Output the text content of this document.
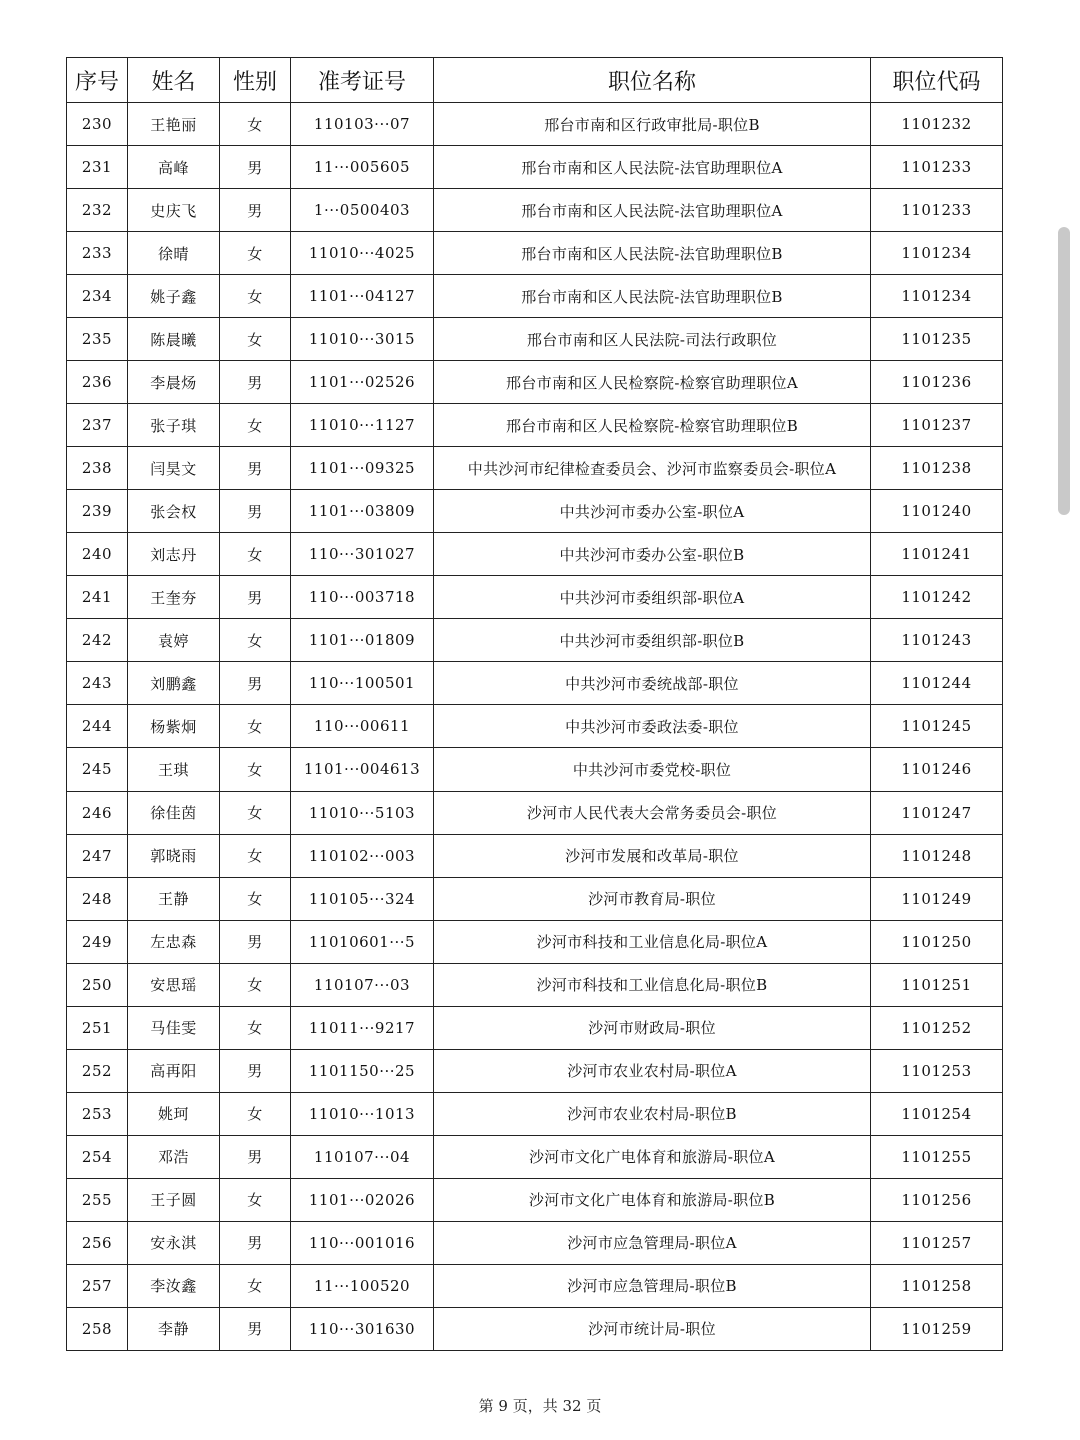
序号	姓名	性别	准考证号	职位名称	职位代码
230	王艳丽	女	110103···07	邢台市南和区行政审批局-职位B	1101232
231	高峰	男	11···005605	邢台市南和区人民法院-法官助理职位A	1101233
232	史庆飞	男	1···0500403	邢台市南和区人民法院-法官助理职位A	1101233
233	徐晴	女	11010···4025	邢台市南和区人民法院-法官助理职位B	1101234
234	姚子鑫	女	1101···04127	邢台市南和区人民法院-法官助理职位B	1101234
235	陈晨曦	女	11010···3015	邢台市南和区人民法院-司法行政职位	1101235
236	李晨炀	男	1101···02526	邢台市南和区人民检察院-检察官助理职位A	1101236
237	张子琪	女	11010···1127	邢台市南和区人民检察院-检察官助理职位B	1101237
238	闫昊文	男	1101···09325	中共沙河市纪律检查委员会、沙河市监察委员会-职位A	1101238
239	张会权	男	1101···03809	中共沙河市委办公室-职位A	1101240
240	刘志丹	女	110···301027	中共沙河市委办公室-职位B	1101241
241	王奎夯	男	110···003718	中共沙河市委组织部-职位A	1101242
242	袁婷	女	1101···01809	中共沙河市委组织部-职位B	1101243
243	刘鹏鑫	男	110···100501	中共沙河市委统战部-职位	1101244
244	杨紫炯	女	110···00611	中共沙河市委政法委-职位	1101245
245	王琪	女	1101···004613	中共沙河市委党校-职位	1101246
246	徐佳茵	女	11010···5103	沙河市人民代表大会常务委员会-职位	1101247
247	郭晓雨	女	110102···003	沙河市发展和改革局-职位	1101248
248	王静	女	110105···324	沙河市教育局-职位	1101249
249	左忠森	男	11010601···5	沙河市科技和工业信息化局-职位A	1101250
250	安思瑶	女	110107···03	沙河市科技和工业信息化局-职位B	1101251
251	马佳雯	女	11011···9217	沙河市财政局-职位	1101252
252	高再阳	男	1101150···25	沙河市农业农村局-职位A	1101253
253	姚珂	女	11010···1013	沙河市农业农村局-职位B	1101254
254	邓浩	男	110107···04	沙河市文化广电体育和旅游局-职位A	1101255
255	王子圆	女	1101···02026	沙河市文化广电体育和旅游局-职位B	1101256
256	安永淇	男	110···001016	沙河市应急管理局-职位A	1101257
257	李汝鑫	女	11···100520	沙河市应急管理局-职位B	1101258
258	李静	男	110···301630	沙河市统计局-职位	1101259
第 9 页，共 32 页
